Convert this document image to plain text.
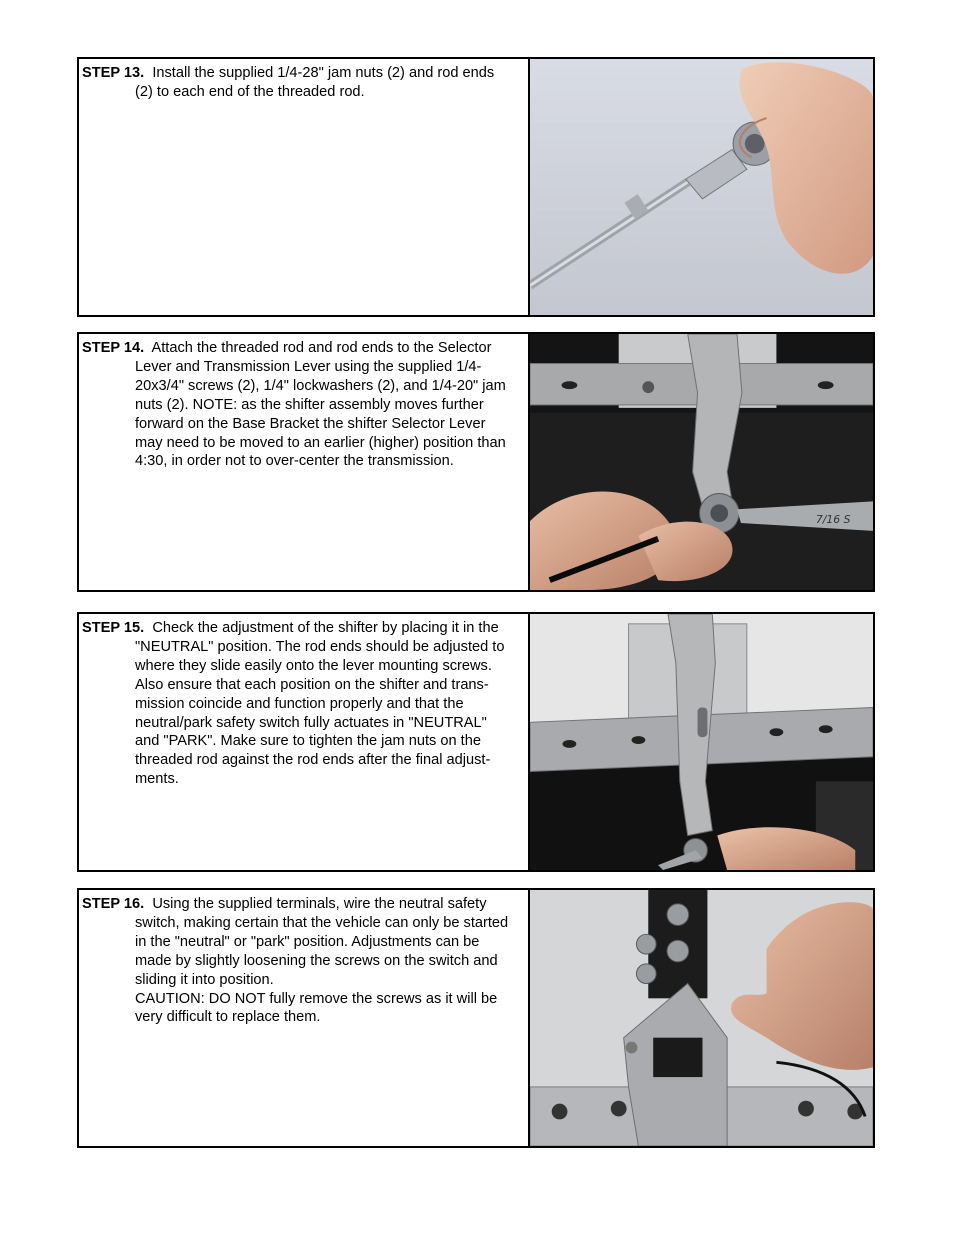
STEP 13. Install the supplied 1/4-28" jam nuts (2) and rod ends

(2) to each end of the threaded rod.

STEP 14. Attach the threaded rod and rod ends to the Selector

Lever and Transmission Lever using the supplied 1/4-

20x3/4" screws (2), 1/4" lockwashers (2), and 1/4-20" jam

nuts (2). NOTE: as the shifter assembly moves further

forward on the Base Bracket the shifter Selector Lever

may need to be moved to an earlier (higher) position than

4:30, in order not to over-center the transmission.

7/16 S

STEP 15. Check the adjustment of the shifter by placing it in the

"NEUTRAL" position. The rod ends should be adjusted to

where they slide easily onto the lever mounting screws.

Also ensure that each position on the shifter and trans-

mission coincide and function properly and that the

neutral/park safety switch fully actuates in "NEUTRAL"

and "PARK". Make sure to tighten the jam nuts on the

threaded rod against the rod ends after the final adjust-

ments.

STEP 16. Using the supplied terminals, wire the neutral safety

switch, making certain that the vehicle can only be started

in the "neutral" or "park" position. Adjustments can be

made by slightly loosening the screws on the switch and

sliding it into position.

CAUTION: DO NOT fully remove the screws as it will be

very difficult to replace them.
